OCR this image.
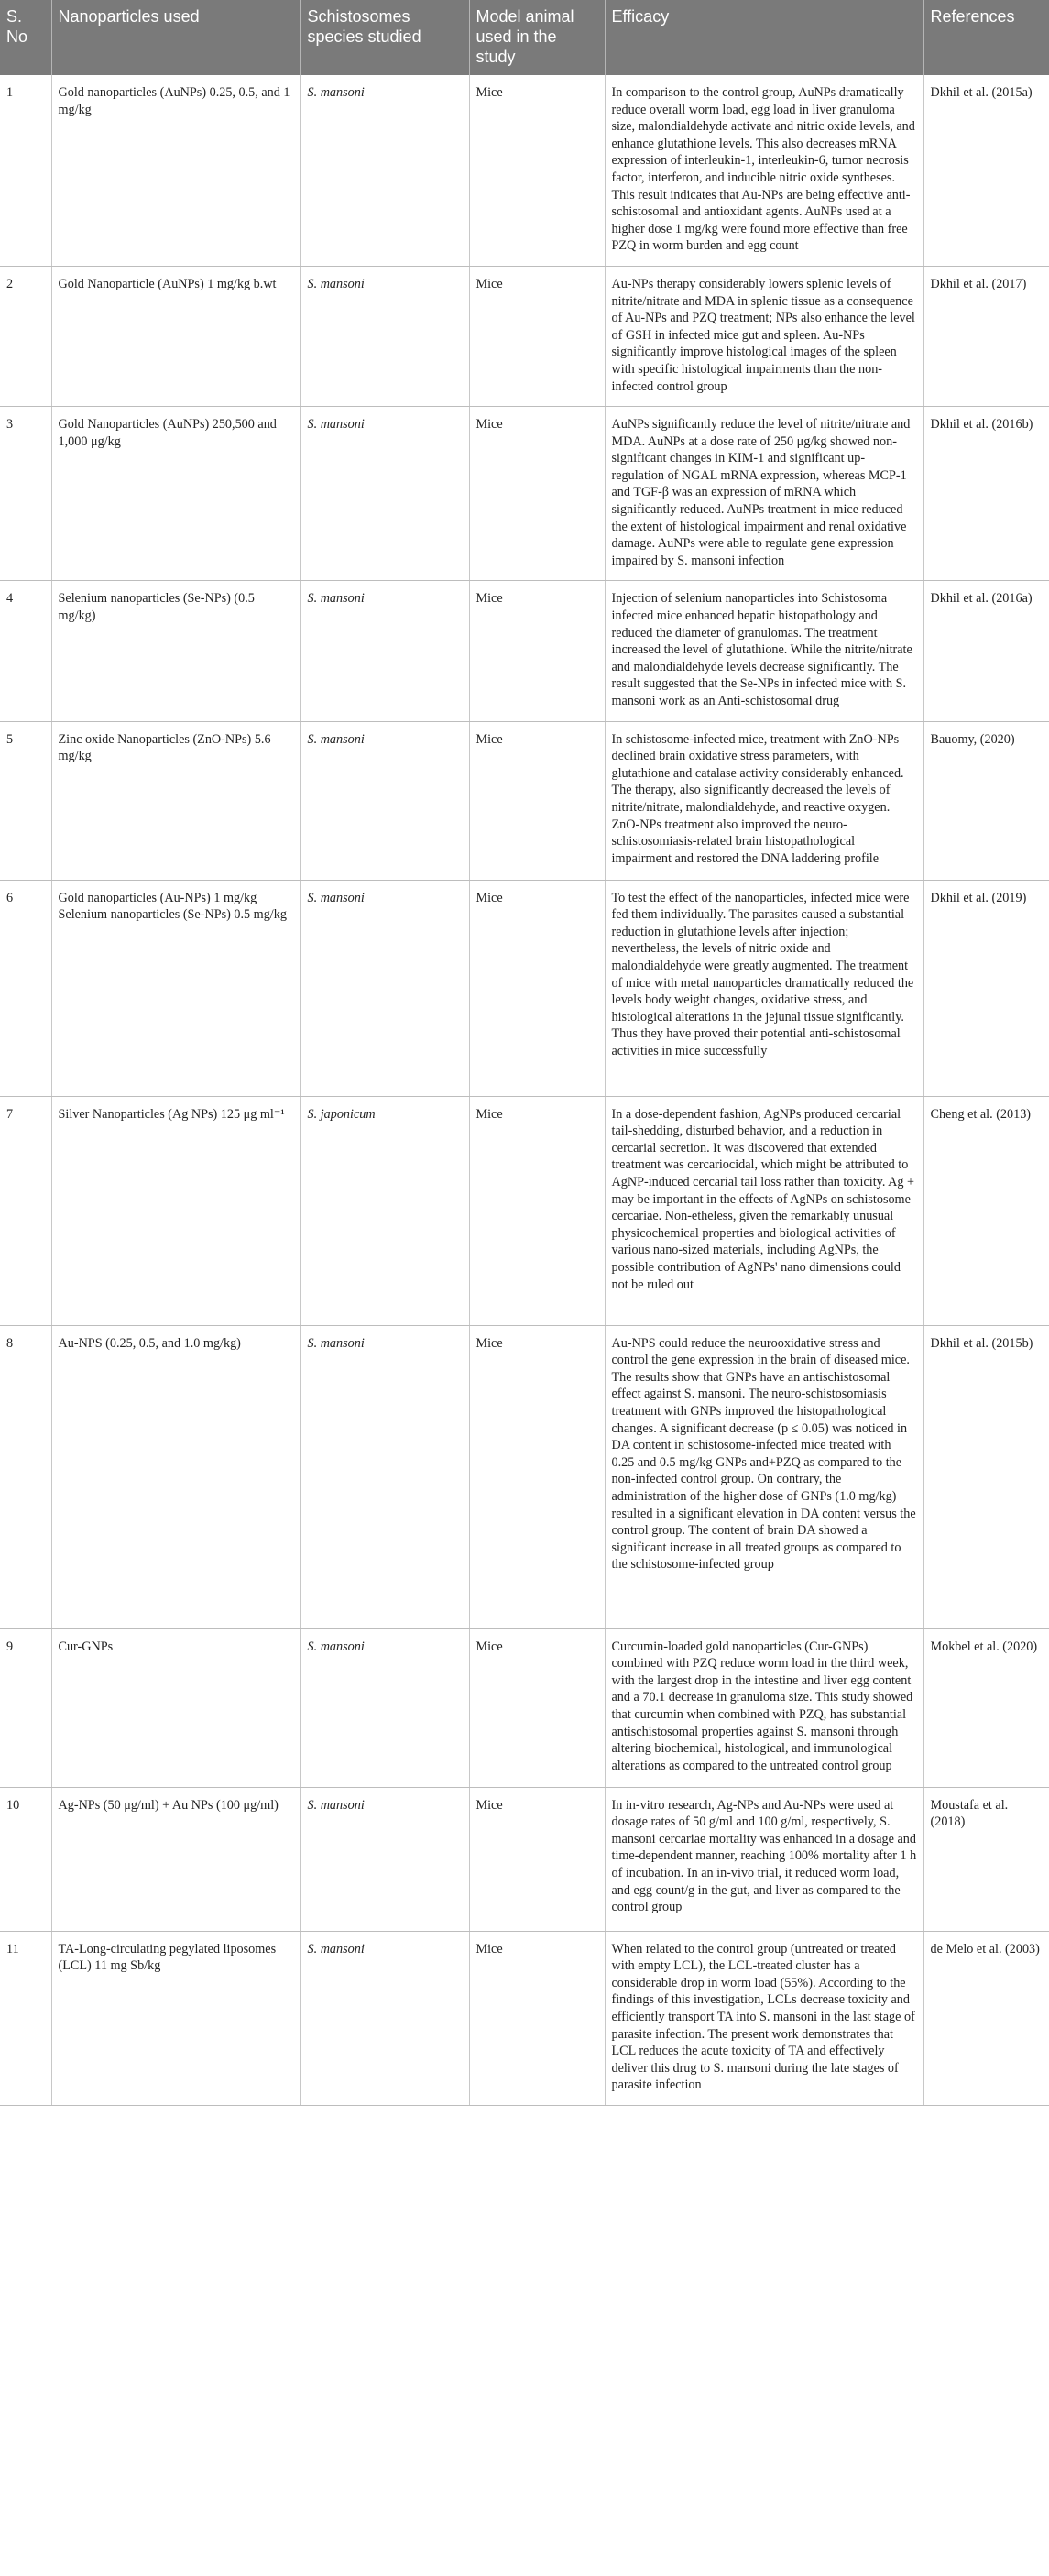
S. No	Nanoparticles used	Schistosomes species studied	Model animal used in the study	Efficacy	References
1	Gold nanoparticles (AuNPs) 0.25, 0.5, and 1 mg/kg	S. mansoni	Mice	In comparison to the control group, AuNPs dramatically reduce overall worm load, egg load in liver granuloma size, malondialdehyde activate and nitric oxide levels, and enhance glutathione levels. This also decreases mRNA expression of interleukin-1, interleukin-6, tumor necrosis factor, interferon, and inducible nitric oxide syntheses. This result indicates that Au-NPs are being effective anti-schistosomal and antioxidant agents. AuNPs used at a higher dose 1 mg/kg were found more effective than free PZQ in worm burden and egg count	Dkhil et al. (2015a)
2	Gold Nanoparticle (AuNPs) 1 mg/kg b.wt	S. mansoni	Mice	Au-NPs therapy considerably lowers splenic levels of nitrite/nitrate and MDA in splenic tissue as a consequence of Au-NPs and PZQ treatment; NPs also enhance the level of GSH in infected mice gut and spleen. Au-NPs significantly improve histological images of the spleen with specific histological impairments than the non-infected control group	Dkhil et al. (2017)
3	Gold Nanoparticles (AuNPs) 250,500 and 1,000 μg/kg	S. mansoni	Mice	AuNPs significantly reduce the level of nitrite/nitrate and MDA. AuNPs at a dose rate of 250 μg/kg showed non-significant changes in KIM-1 and significant up-regulation of NGAL mRNA expression, whereas MCP-1 and TGF-β was an expression of mRNA which significantly reduced. AuNPs treatment in mice reduced the extent of histological impairment and renal oxidative damage. AuNPs were able to regulate gene expression impaired by S. mansoni infection	Dkhil et al. (2016b)
4	Selenium nanoparticles (Se-NPs) (0.5 mg/kg)	S. mansoni	Mice	Injection of selenium nanoparticles into Schistosoma infected mice enhanced hepatic histopathology and reduced the diameter of granulomas. The treatment increased the level of glutathione. While the nitrite/nitrate and malondialdehyde levels decrease significantly. The result suggested that the Se-NPs in infected mice with S. mansoni work as an Anti-schistosomal drug	Dkhil et al. (2016a)
5	Zinc oxide Nanoparticles (ZnO-NPs) 5.6 mg/kg	S. mansoni	Mice	In schistosome-infected mice, treatment with ZnO-NPs declined brain oxidative stress parameters, with glutathione and catalase activity considerably enhanced. The therapy, also significantly decreased the levels of nitrite/nitrate, malondialdehyde, and reactive oxygen. ZnO-NPs treatment also improved the neuro-schistosomiasis-related brain histopathological impairment and restored the DNA laddering profile	Bauomy, (2020)
6	Gold nanoparticles (Au-NPs) 1 mg/kg Selenium nanoparticles (Se-NPs) 0.5 mg/kg	S. mansoni	Mice	To test the effect of the nanoparticles, infected mice were fed them individually. The parasites caused a substantial reduction in glutathione levels after injection; nevertheless, the levels of nitric oxide and malondialdehyde were greatly augmented. The treatment of mice with metal nanoparticles dramatically reduced the levels body weight changes, oxidative stress, and histological alterations in the jejunal tissue significantly. Thus they have proved their potential anti-schistosomal activities in mice successfully	Dkhil et al. (2019)
7	Silver Nanoparticles (Ag NPs) 125 μg ml⁻¹	S. japonicum	Mice	In a dose-dependent fashion, AgNPs produced cercarial tail-shedding, disturbed behavior, and a reduction in cercarial secretion. It was discovered that extended treatment was cercariocidal, which might be attributed to AgNP-induced cercarial tail loss rather than toxicity. Ag + may be important in the effects of AgNPs on schistosome cercariae. Non-etheless, given the remarkably unusual physicochemical properties and biological activities of various nano-sized materials, including AgNPs, the possible contribution of AgNPs' nano dimensions could not be ruled out	Cheng et al. (2013)
8	Au-NPS (0.25, 0.5, and 1.0 mg/kg)	S. mansoni	Mice	Au-NPS could reduce the neurooxidative stress and control the gene expression in the brain of diseased mice. The results show that GNPs have an antischistosomal effect against S. mansoni. The neuro-schistosomiasis treatment with GNPs improved the histopathological changes. A significant decrease (p ≤ 0.05) was noticed in DA content in schistosome-infected mice treated with 0.25 and 0.5 mg/kg GNPs and+PZQ as compared to the non-infected control group. On contrary, the administration of the higher dose of GNPs (1.0 mg/kg) resulted in a significant elevation in DA content versus the control group. The content of brain DA showed a significant increase in all treated groups as compared to the schistosome-infected group	Dkhil et al. (2015b)
9	Cur-GNPs	S. mansoni	Mice	Curcumin-loaded gold nanoparticles (Cur-GNPs) combined with PZQ reduce worm load in the third week, with the largest drop in the intestine and liver egg content and a 70.1 decrease in granuloma size. This study showed that curcumin when combined with PZQ, has substantial antischistosomal properties against S. mansoni through altering biochemical, histological, and immunological alterations as compared to the untreated control group	Mokbel et al. (2020)
10	Ag-NPs (50 μg/ml) + Au NPs (100 μg/ml)	S. mansoni	Mice	In in-vitro research, Ag-NPs and Au-NPs were used at dosage rates of 50 g/ml and 100 g/ml, respectively, S. mansoni cercariae mortality was enhanced in a dosage and time-dependent manner, reaching 100% mortality after 1 h of incubation. In an in-vivo trial, it reduced worm load, and egg count/g in the gut, and liver as compared to the control group	Moustafa et al. (2018)
11	TA-Long-circulating pegylated liposomes (LCL) 11 mg Sb/kg	S. mansoni	Mice	When related to the control group (untreated or treated with empty LCL), the LCL-treated cluster has a considerable drop in worm load (55%). According to the findings of this investigation, LCLs decrease toxicity and efficiently transport TA into S. mansoni in the last stage of parasite infection. The present work demonstrates that LCL reduces the acute toxicity of TA and effectively deliver this drug to S. mansoni during the late stages of parasite infection	de Melo et al. (2003)
